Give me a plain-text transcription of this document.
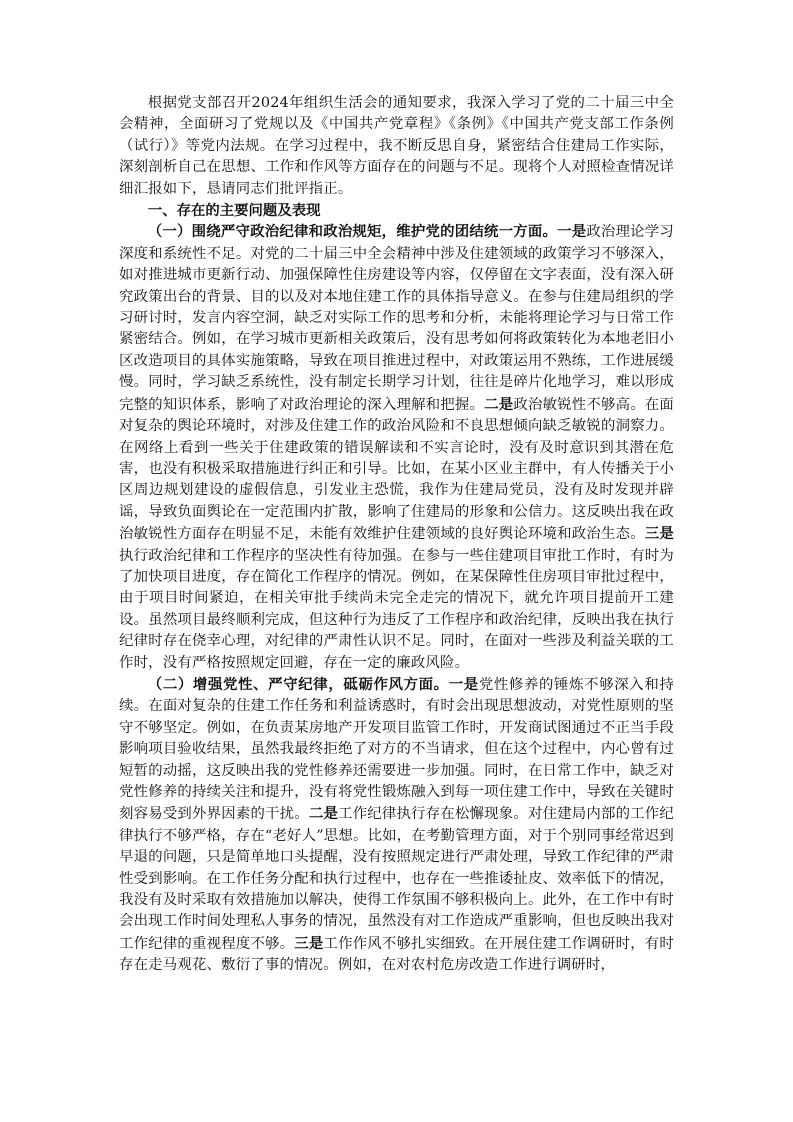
根据党支部召开2024年组织生活会的通知要求，我深入学习了党的二十届三中全会精神，全面研习了党规以及《中国共产党章程》《条例》《中国共产党支部工作条例（试行）》等党内法规。在学习过程中，我不断反思自身，紧密结合住建局工作实际，深刻剖析自己在思想、工作和作风等方面存在的问题与不足。现将个人对照检查情况详细汇报如下，恳请同志们批评指正。

一、存在的主要问题及表现

（一）围绕严守政治纪律和政治规矩，维护党的团结统一方面。一是政治理论学习深度和系统性不足。对党的二十届三中全会精神中涉及住建领域的政策学习不够深入，如对推进城市更新行动、加强保障性住房建设等内容，仅停留在文字表面，没有深入研究政策出台的背景、目的以及对本地住建工作的具体指导意义。在参与住建局组织的学习研讨时，发言内容空洞，缺乏对实际工作的思考和分析，未能将理论学习与日常工作紧密结合。例如，在学习城市更新相关政策后，没有思考如何将政策转化为本地老旧小区改造项目的具体实施策略，导致在项目推进过程中，对政策运用不熟练，工作进展缓慢。同时，学习缺乏系统性，没有制定长期学习计划，往往是碎片化地学习，难以形成完整的知识体系，影响了对政治理论的深入理解和把握。二是政治敏锐性不够高。在面对复杂的舆论环境时，对涉及住建工作的政治风险和不良思想倾向缺乏敏锐的洞察力。在网络上看到一些关于住建政策的错误解读和不实言论时，没有及时意识到其潜在危害，也没有积极采取措施进行纠正和引导。比如，在某小区业主群中，有人传播关于小区周边规划建设的虚假信息，引发业主恐慌，我作为住建局党员，没有及时发现并辟谣，导致负面舆论在一定范围内扩散，影响了住建局的形象和公信力。这反映出我在政治敏锐性方面存在明显不足，未能有效维护住建领域的良好舆论环境和政治生态。三是执行政治纪律和工作程序的坚决性有待加强。在参与一些住建项目审批工作时，有时为了加快项目进度，存在简化工作程序的情况。例如，在某保障性住房项目审批过程中，由于项目时间紧迫，在相关审批手续尚未完全走完的情况下，就允许项目提前开工建设。虽然项目最终顺利完成，但这种行为违反了工作程序和政治纪律，反映出我在执行纪律时存在侥幸心理，对纪律的严肃性认识不足。同时，在面对一些涉及利益关联的工作时，没有严格按照规定回避，存在一定的廉政风险。

（二）增强党性、严守纪律，砥砺作风方面。一是党性修养的锤炼不够深入和持续。在面对复杂的住建工作任务和利益诱惑时，有时会出现思想波动，对党性原则的坚守不够坚定。例如，在负责某房地产开发项目监管工作时，开发商试图通过不正当手段影响项目验收结果，虽然我最终拒绝了对方的不当请求，但在这个过程中，内心曾有过短暂的动摇，这反映出我的党性修养还需要进一步加强。同时，在日常工作中，缺乏对党性修养的持续关注和提升，没有将党性锻炼融入到每一项住建工作中，导致在关键时刻容易受到外界因素的干扰。二是工作纪律执行存在松懈现象。对住建局内部的工作纪律执行不够严格，存在“老好人”思想。比如，在考勤管理方面，对于个别同事经常迟到早退的问题，只是简单地口头提醒，没有按照规定进行严肃处理，导致工作纪律的严肃性受到影响。在工作任务分配和执行过程中，也存在一些推诿扯皮、效率低下的情况，我没有及时采取有效措施加以解决，使得工作氛围不够积极向上。此外，在工作中有时会出现工作时间处理私人事务的情况，虽然没有对工作造成严重影响，但也反映出我对工作纪律的重视程度不够。三是工作作风不够扎实细致。在开展住建工作调研时，有时存在走马观花、敷衍了事的情况。例如，在对农村危房改造工作进行调研时，
